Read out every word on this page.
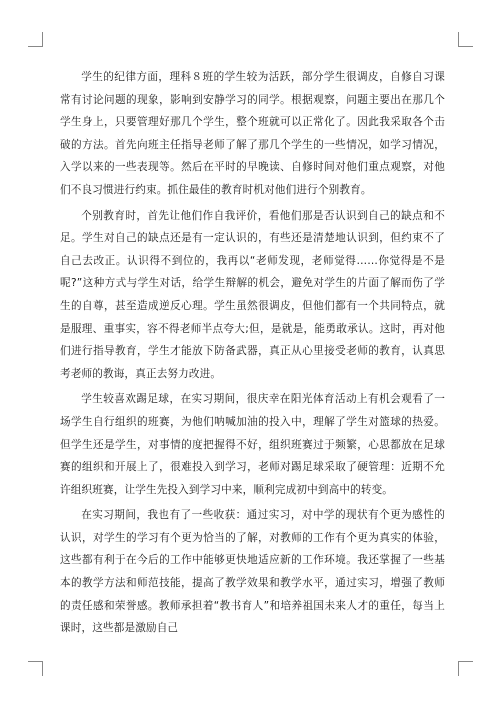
学生的纪律方面，理科８班的学生较为活跃，部分学生很调皮，自修自习课常有讨论问题的现象，影响到安静学习的同学。根据观察，问题主要出在那几个学生身上，只要管理好那几个学生，整个班就可以正常化了。因此我采取各个击破的方法。首先向班主任指导老师了解了那几个学生的一些情况，如学习情况，入学以来的一些表现等。然后在平时的早晚读、自修时间对他们重点观察，对他们不良习惯进行约束。抓住最佳的教育时机对他们进行个别教育。

个别教育时，首先让他们作自我评价，看他们那是否认识到自己的缺点和不足。学生对自己的缺点还是有一定认识的，有些还是清楚地认识到，但约束不了自己去改正。认识得不到位的，我再以“老师发现，老师觉得……你觉得是不是呢?”这种方式与学生对话，给学生辩解的机会，避免对学生的片面了解而伤了学生的自尊，甚至造成逆反心理。学生虽然很调皮，但他们都有一个共同特点，就是服理、重事实，容不得老师半点夸大;但，是就是，能勇敢承认。这时，再对他们进行指导教育，学生才能放下防备武器，真正从心里接受老师的教育，认真思考老师的教诲，真正去努力改进。

学生较喜欢踢足球，在实习期间，很庆幸在阳光体育活动上有机会观看了一场学生自行组织的班赛，为他们呐喊加油的投入中，理解了学生对篮球的热爱。但学生还是学生，对事情的度把握得不好，组织班赛过于频繁，心思都放在足球赛的组织和开展上了，很难投入到学习，老师对踢足球采取了硬管理：近期不允许组织班赛，让学生先投入到学习中来，顺利完成初中到高中的转变。

在实习期间，我也有了一些收获：通过实习，对中学的现状有个更为感性的认识，对学生的学习有个更为恰当的了解，对教师的工作有个更为真实的体验，这些都有利于在今后的工作中能够更快地适应新的工作环境。我还掌握了一些基本的教学方法和师范技能，提高了教学效果和教学水平，通过实习，增强了教师的责任感和荣誉感。教师承担着“教书育人”和培养祖国未来人才的重任，每当上课时，这些都是激励自己
